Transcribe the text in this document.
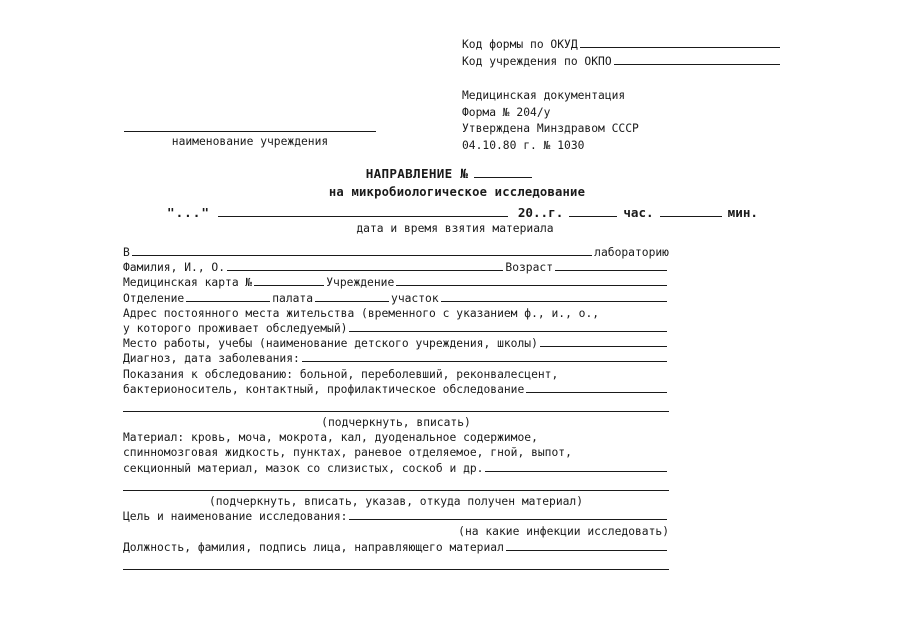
Код формы по ОКУД
Код учреждения по ОКПО
Медицинская документация
Форма № 204/у
Утверждена Минздравом СССР
04.10.80 г. № 1030
наименование учреждения
НАПРАВЛЕНИЕ №
на микробиологическое исследование
"..."	20..г.	час.	мин.
дата и время взятия материала
В	лабораторию
Фамилия, И., О.	Возраст
Медицинская карта №	Учреждение
Отделение	палата	участок
Адрес постоянного места жительства (временного с указанием ф., и., о.,
у которого проживает обследуемый)
Место работы, учебы (наименование детского учреждения, школы)
Диагноз, дата заболевания:
Показания к обследованию: больной, переболевший, реконвалесцент,
бактерионоситель, контактный, профилактическое обследование
(подчеркнуть, вписать)
Материал: кровь, моча, мокрота, кал, дуоденальное содержимое,
спинномозговая жидкость, пунктах, раневое отделяемое, гной, выпот,
секционный материал, мазок со слизистых, соскоб и др.
(подчеркнуть, вписать, указав, откуда получен материал)
Цель и наименование исследования:
(на какие инфекции исследовать)
Должность, фамилия, подпись лица, направляющего материал
